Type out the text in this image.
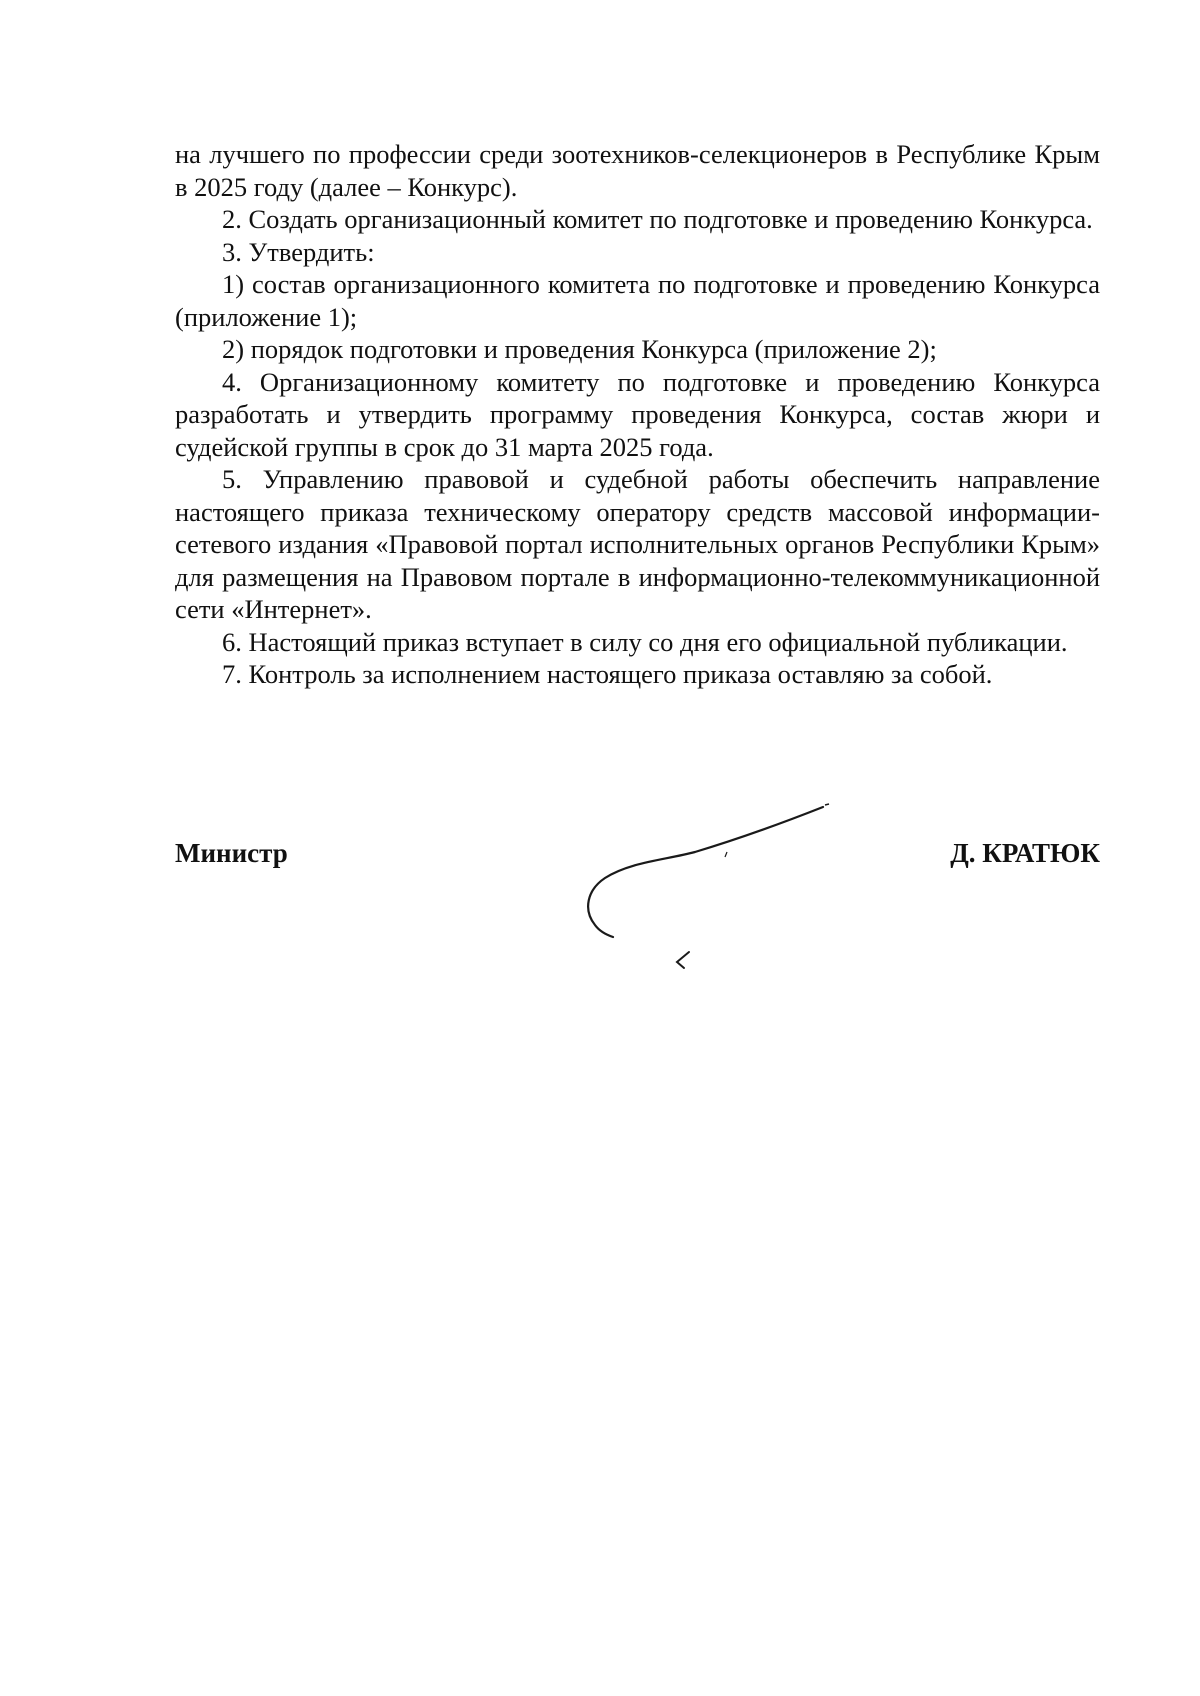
на лучшего по профессии среди зоотехников-селекционеров в Республике Крым в 2025 году (далее – Конкурс).

2. Создать организационный комитет по подготовке и проведению Конкурса.

3. Утвердить:

1) состав организационного комитета по подготовке и проведению Конкурса (приложение 1);

2) порядок подготовки и проведения Конкурса (приложение 2);

4. Организационному комитету по подготовке и проведению Конкурса разработать и утвердить программу проведения Конкурса, состав жюри и судейской группы в срок до 31 марта 2025 года.

5. Управлению правовой и судебной работы обеспечить направление настоящего приказа техническому оператору средств массовой информации- сетевого издания «Правовой портал исполнительных органов Республики Крым» для размещения на Правовом портале в информационно-телекоммуникационной сети «Интернет».

6. Настоящий приказ вступает в силу со дня его официальной публикации.

7. Контроль за исполнением настоящего приказа оставляю за собой.

Министр	Д. КРАТЮК
